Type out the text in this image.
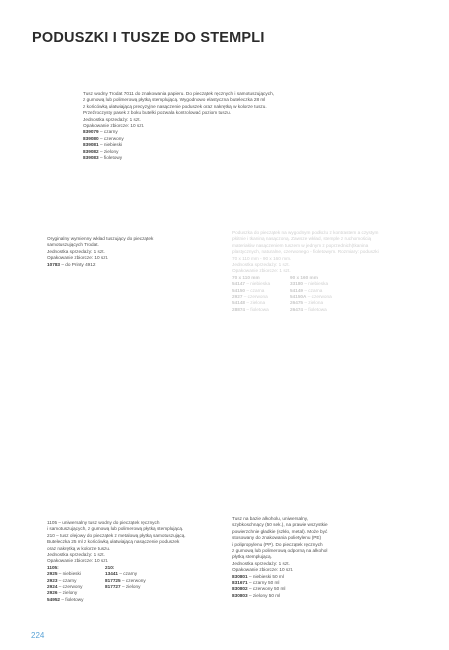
PODUSZKI I TUSZE DO STEMPLI
Tusz wodny Trodat 7011 do znakowania papieru. Do pieczątek ręcznych i samotuszujących,
z gumową lub polimerową płytką stemplującą. Wygodnowo elastyczna buteleczka 28 ml
z końcówką ułatwiającą precyzyjne nasączenie poduszek oraz nakrętką w kolorze tuszu.
Przeźroczysty pasek z boku butelki pozwala kontrolować poziom tuszu.
Jednostka sprzedaży: 1 szt.
Opakowanie zbiorcze: 10 szt.
839079 – czarny
839080 – czerwony
839081 – niebieski
839082 – zielony
839083 – fioletowy
Oryginalny wymienny wkład tuszujący do pieczątek
samotuszujących Trodat.
Jednostka sprzedaży: 1 szt.
Opakowanie zbiorcze: 10 szt.
10783 – do Printy 4912
Poduszka do pieczątek na wygodnym podłożu z kontrastem a czystym
płótnie i tkaniną nasączoną. Zawsze wkład, stemple z ruchomością
materiałów nasączeniem tuszem w jednym z poprzednich(tkanina
plastycznych, naturalne, czerwonego - fioletowym. Rozmiary: poduszki
70 x 110 mm - 90 x 160 mm.
Jednostka sprzedaży: 1 szt.
Opakowanie zbiorcze: 1 szt.
70 x 110 mm
54147 – niebieska
54150 – czarna
2927 – czerwona
54148 – zielona
28874 – fioletowa
90 x 160 mm
33180 – niebieska
54149 – czarna
54150A – czerwona
26475 – zielona
26474 – fioletowa
1105 – uniwersalny tusz wodny do pieczątek ręcznych
i samotuszujących, z gumową lub polimerową płytką stemplującą.
210 – tusz olejowy do pieczątek z metalową płytką samotuszującą.
Buteleczka 25 ml z końcówką ułatwiającą nasączenie poduszek
oraz nakrętką w kolorze tuszu.
Jednostka sprzedaży: 1 szt.
Opakowanie zbiorcze: 10 szt.
1105:
2925 – niebieski
2923 – czarny
2924 – czerwony
2926 – zielony
54952 – fioletowy
210:
13441 – czarny
817725 – czerwony
817727 – zielony
Tusz na bazie alkoholu, uniwersalny,
szybkoschnący (50 sek.), na prawie wszystkie
powierzchnie gładkie (szkło, metal). Może być
stosowany do znakowania polietylenu (PE)
i polipropylenu (PP). Do pieczątek ręcznych
z gumową lub polimerową odporną na alkohol
płytką stemplującą.
Jednostka sprzedaży: 1 szt.
Opakowanie zbiorcze: 10 szt.
830801 – niebieski 50 ml
831671 – czarny 50 ml
830802 – czerwony 50 ml
830803 – zielony 50 ml
224
